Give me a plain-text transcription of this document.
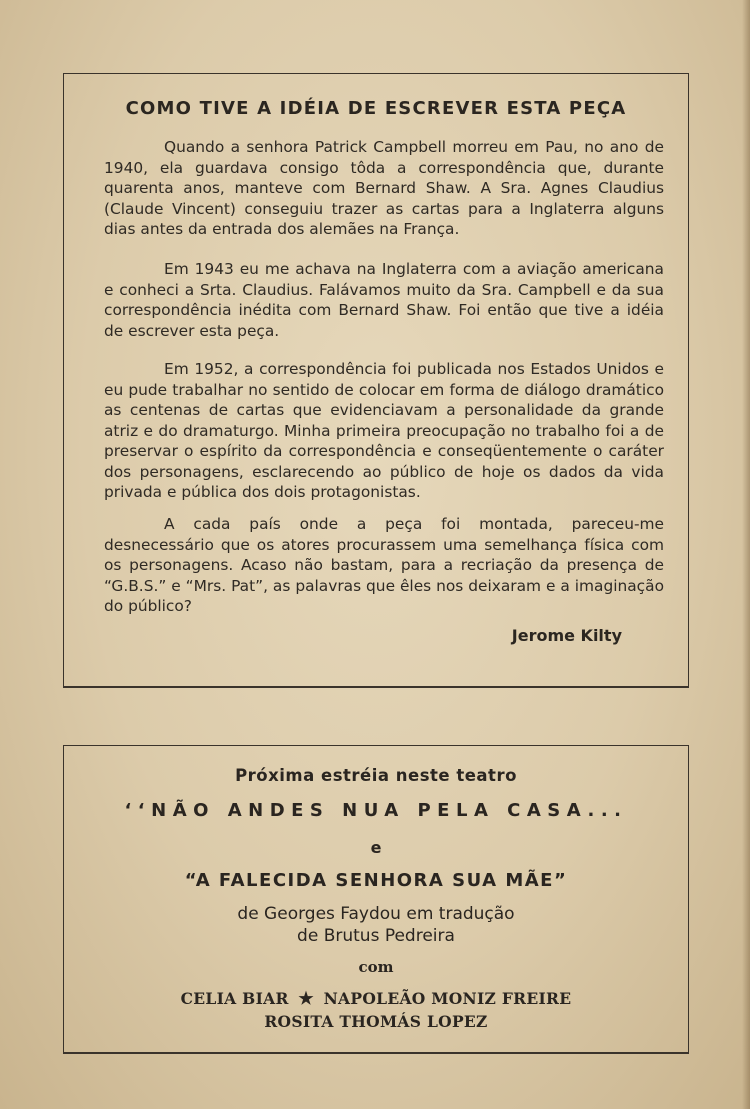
COMO TIVE A IDÉIA DE ESCREVER ESTA PEÇA

Quando a senhora Patrick Campbell morreu em Pau, no ano de 1940, ela guardava consigo tôda a correspondência que, durante quarenta anos, manteve com Bernard Shaw. A Sra. Agnes Claudius (Claude Vincent) conseguiu trazer as cartas para a Inglaterra alguns dias antes da entrada dos alemães na França.

Em 1943 eu me achava na Inglaterra com a aviação americana e conheci a Srta. Claudius. Falávamos muito da Sra. Campbell e da sua correspondência inédita com Bernard Shaw. Foi então que tive a idéia de escrever esta peça.

Em 1952, a correspondência foi publicada nos Estados Unidos e eu pude trabalhar no sentido de colocar em forma de diálogo dramático as centenas de cartas que evidenciavam a personalidade da grande atriz e do dramaturgo. Minha primeira preocupação no trabalho foi a de preservar o espírito da correspondência e conseqüentemente o caráter dos personagens, esclarecendo ao público de hoje os dados da vida privada e pública dos dois protagonistas.

A cada país onde a peça foi montada, pareceu-me desnecessário que os atores procurassem uma semelhança física com os personagens. Acaso não bastam, para a recriação da presença de “G.B.S.” e “Mrs. Pat”, as palavras que êles nos deixaram e a imaginação do público?

Jerome Kilty

Próxima estréia neste teatro

‘‘NÃO ANDES NUA PELA CASA...

e

“A FALECIDA SENHORA SUA MÃE”

de Georges Faydou em tradução

de Brutus Pedreira

com

CELIA BIAR ★ NAPOLEÃO MONIZ FREIRE

ROSITA THOMÁS LOPEZ
